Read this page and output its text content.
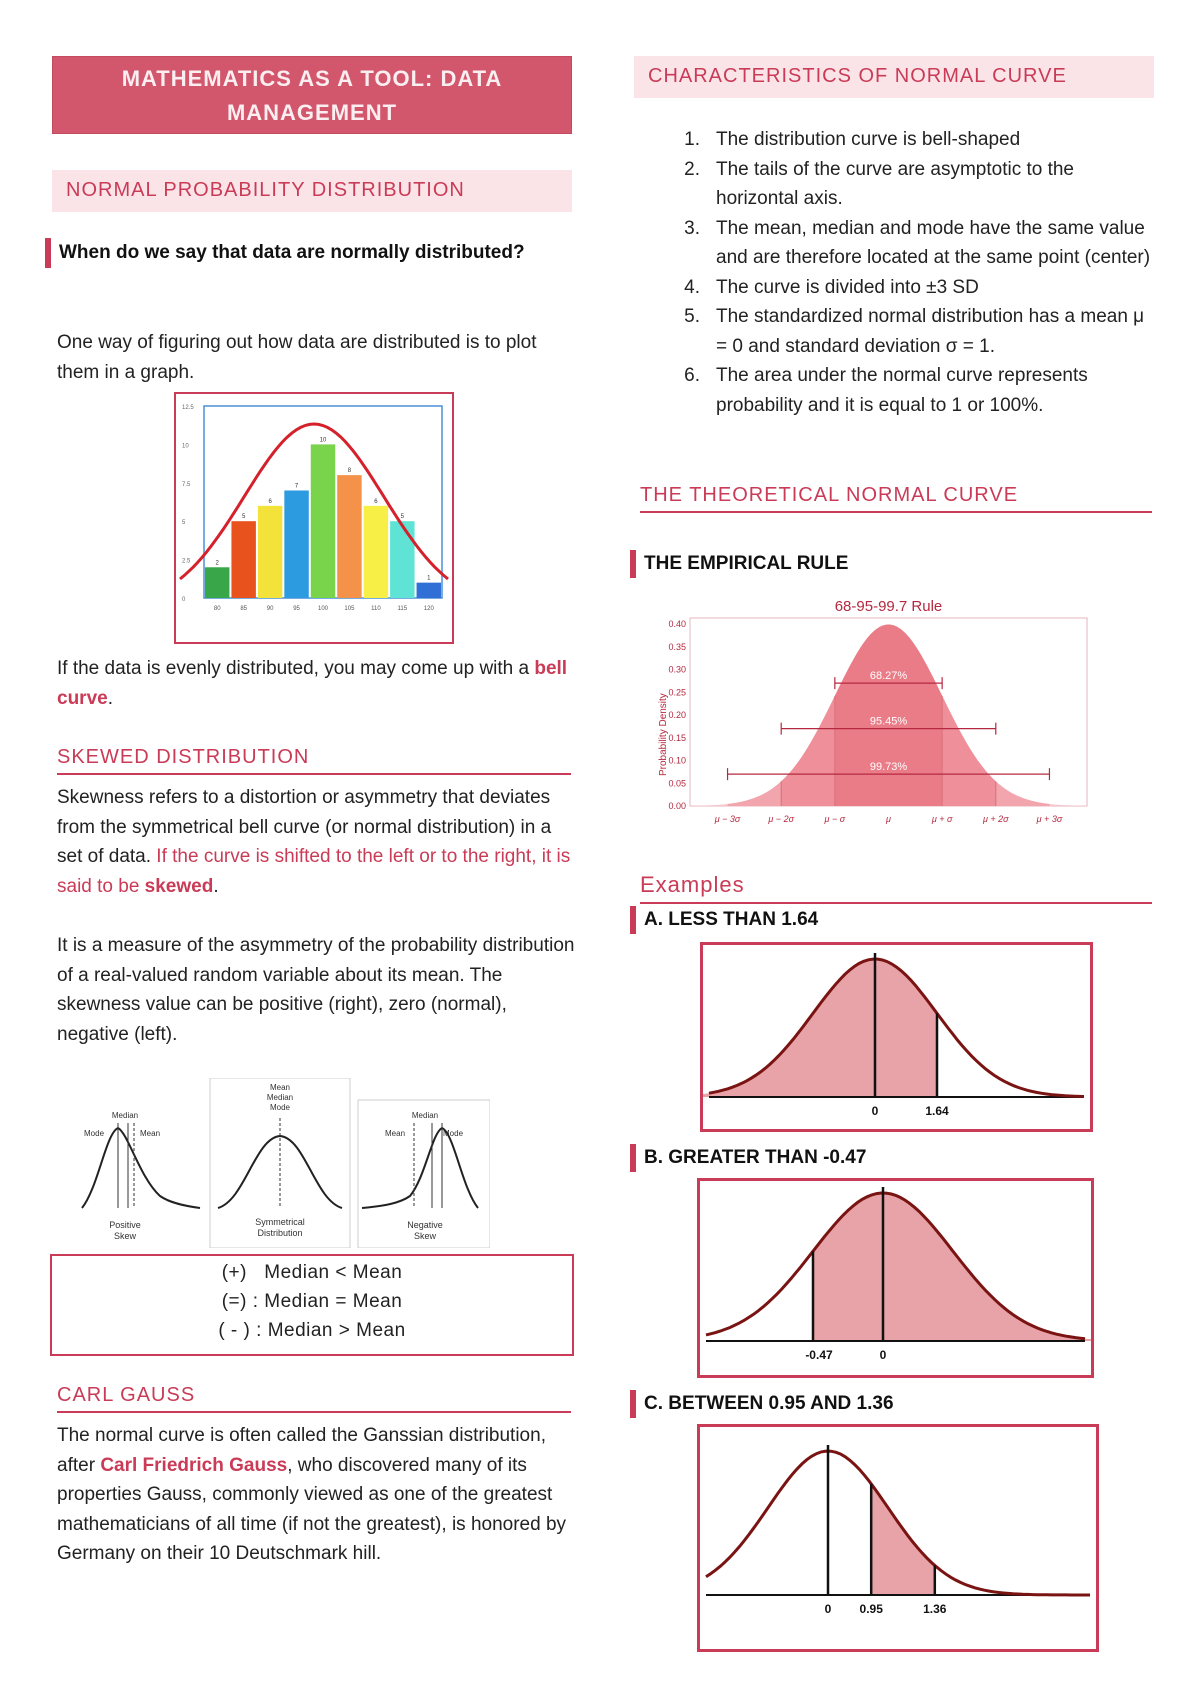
MATHEMATICS AS A TOOL: DATA MANAGEMENT
NORMAL PROBABILITY DISTRIBUTION
When do we say that data are normally distributed?
One way of figuring out how data are distributed is to plot them in a graph.
12.5
10
7.5
5
2.5
0
2
80
5
85
6
90
7
95
10
100
8
105
6
110
5
115
1
120
If the data is evenly distributed, you may come up with a bell curve.
SKEWED DISTRIBUTION
Skewness refers to a distortion or asymmetry that deviates from the symmetrical bell curve (or normal distribution) in a set of data. If the curve is shifted to the left or to the right, it is said to be skewed.
It is a measure of the asymmetry of the probability distribution of a real-valued random variable about its mean. The skewness value can be positive (right), zero (normal), negative (left).
Median
Mode	Mean
Positive
Skew
Mean
Median
Mode
Symmetrical
Distribution
Median
Mean	Mode
Negative
Skew
(+)   Median < Mean
(=) : Median = Mean
( - ) : Median > Mean
CARL GAUSS
The normal curve is often called the Ganssian distribution, after Carl Friedrich Gauss, who discovered many of its properties Gauss, commonly viewed as one of the greatest mathematicians of all time (if not the greatest), is honored by Germany on their 10 Deutschmark hill.
CHARACTERISTICS OF NORMAL CURVE
1. The distribution curve is bell-shaped
2. The tails of the curve are asymptotic to the horizontal axis.
3. The mean, median and mode have the same value and are therefore located at the same point (center)
4. The curve is divided into ±3 SD
5. The standardized normal distribution has a mean μ = 0 and standard deviation σ = 1.
6. The area under the normal curve represents probability and it is equal to 1 or 100%.
THE THEORETICAL NORMAL CURVE
THE EMPIRICAL RULE
68-95-99.7 Rule
Probability Density
0.40
0.35
0.30
0.25
0.20
0.15
0.10
0.05
0.00
68.27%
95.45%
99.73%
μ − 3σ	μ − 2σ	μ − σ	μ	μ + σ	μ + 2σ	μ + 3σ
Examples
A. LESS THAN 1.64
0	1.64
B. GREATER THAN -0.47
-0.47	0
C. BETWEEN 0.95 AND 1.36
0 0.95	1.36
